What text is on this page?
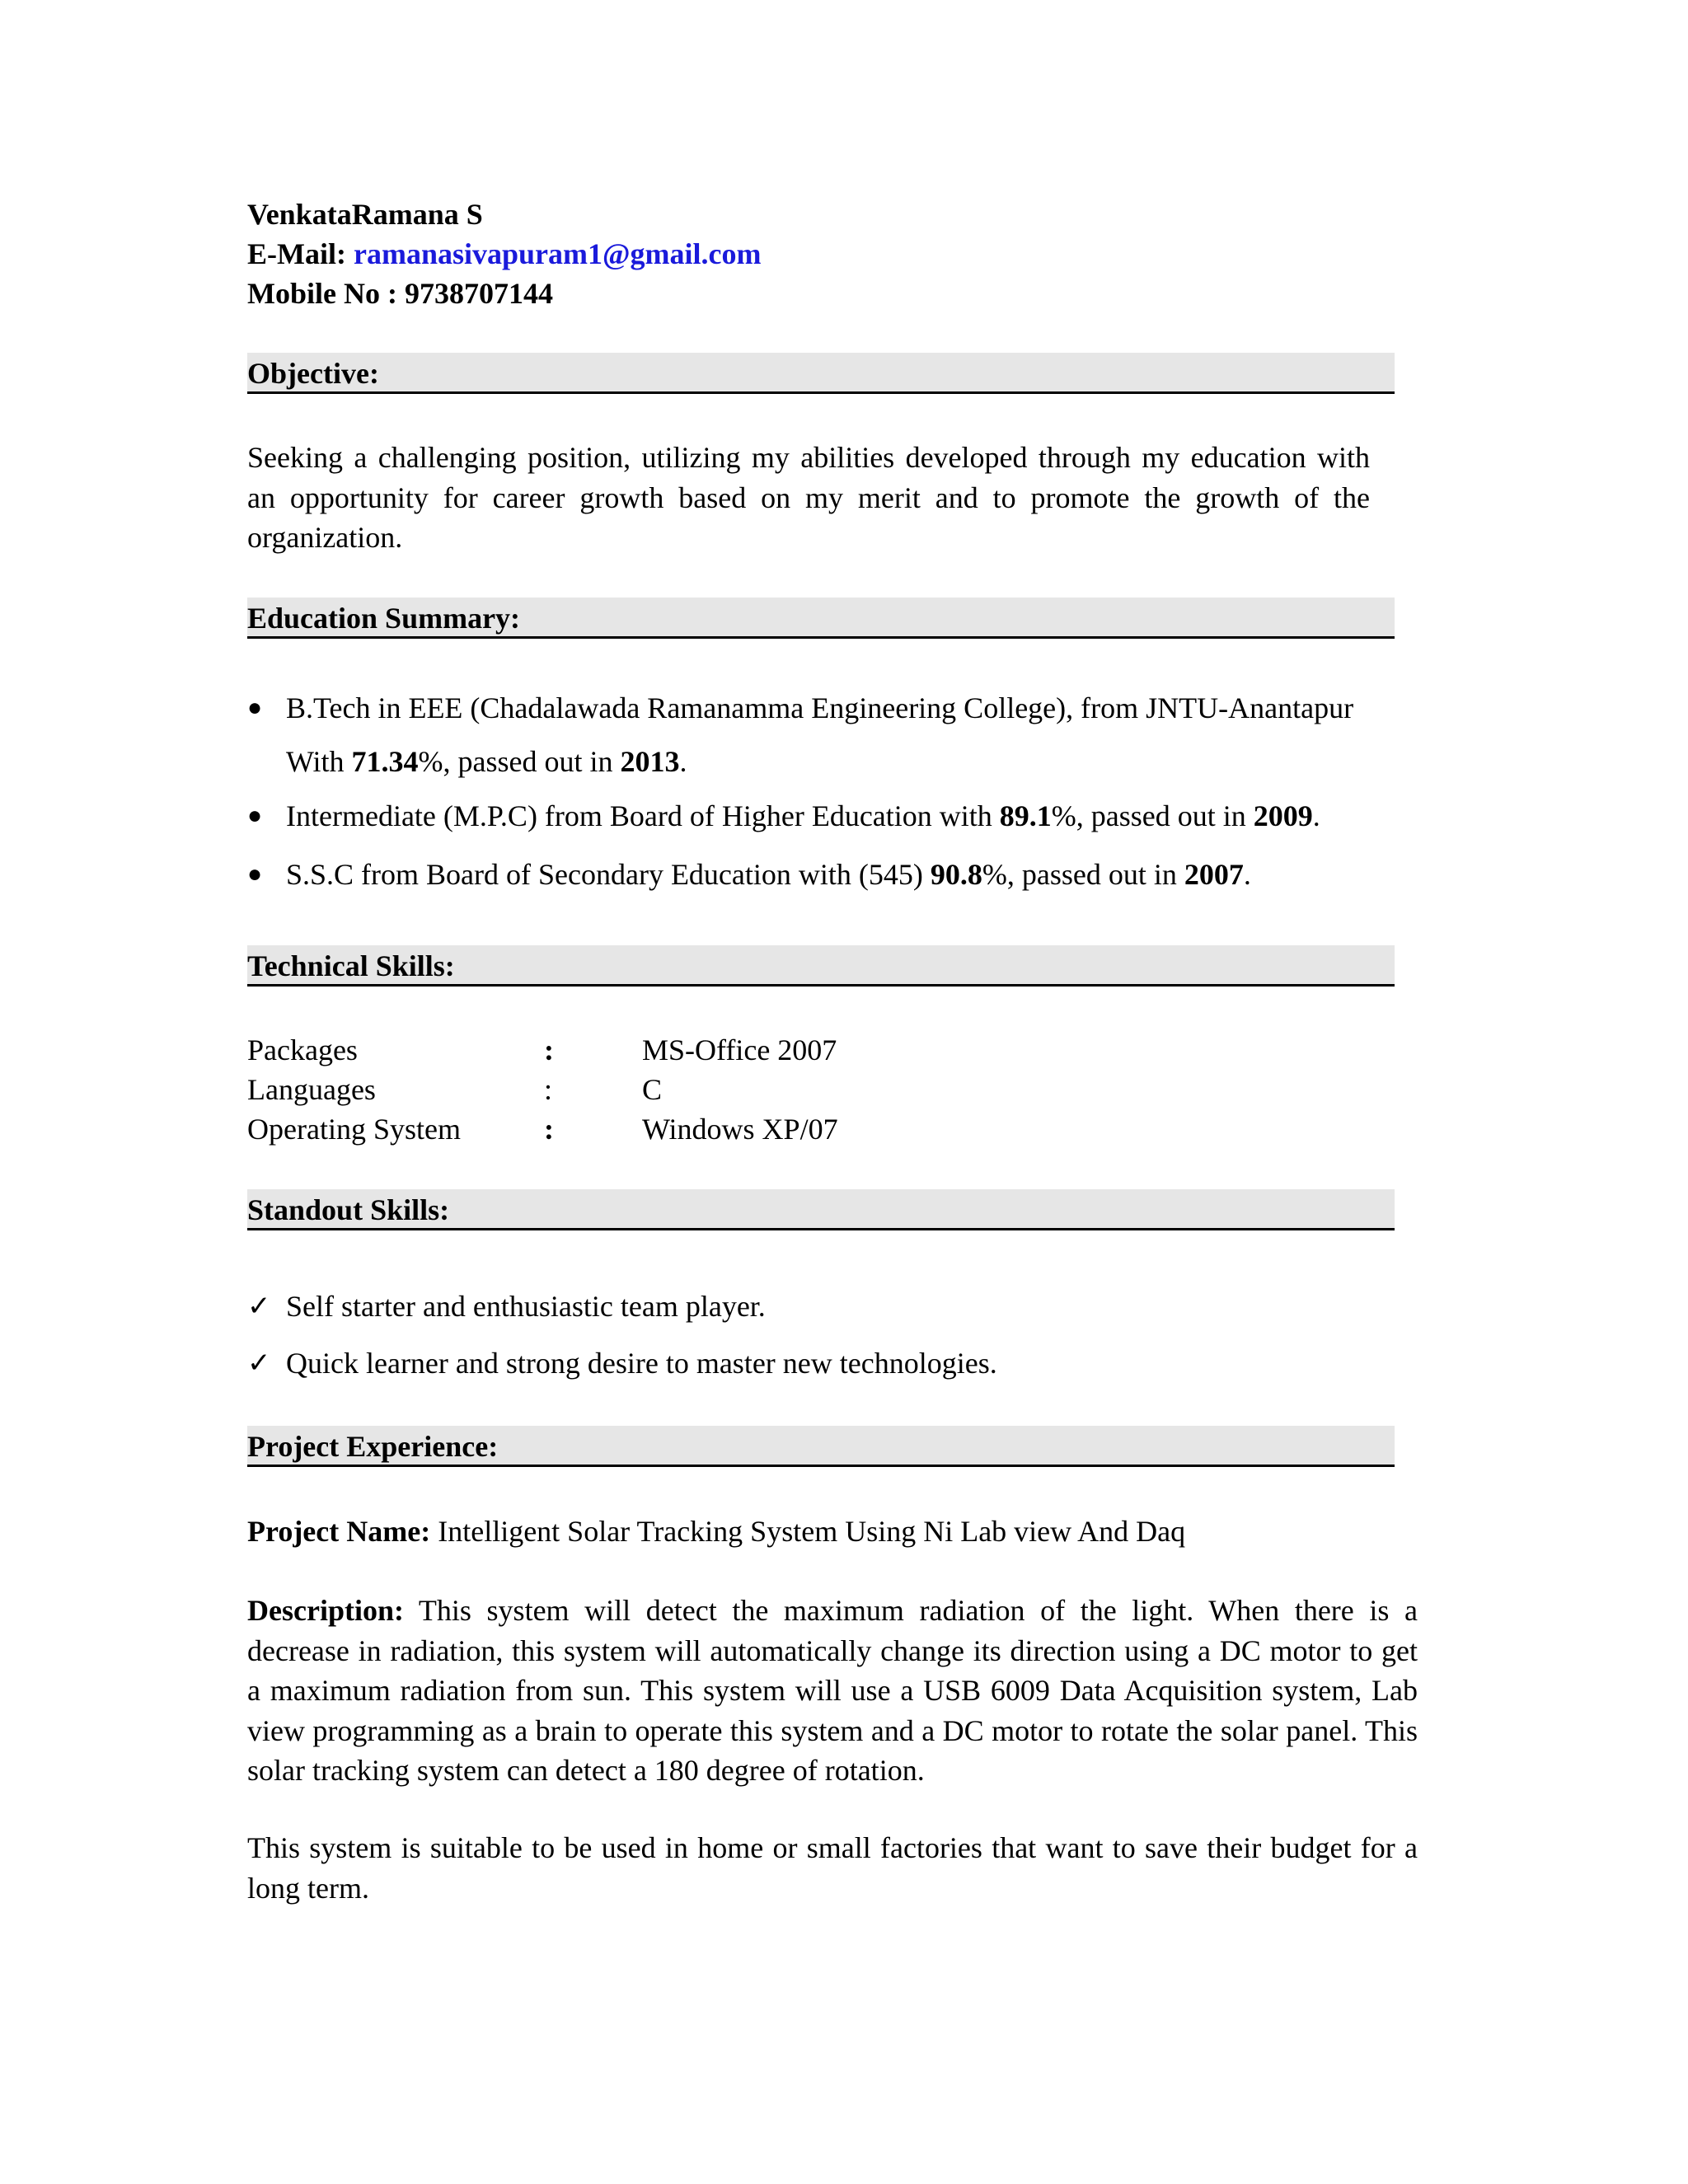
VenkataRamana S
E-Mail: ramanasivapuram1@gmail.com
Mobile No : 9738707144
Objective:
Seeking a challenging position, utilizing my abilities developed through my education with
an opportunity for career growth based on my merit and to promote the growth of the
organization.
Education Summary:
● B.Tech in EEE (Chadalawada Ramanamma Engineering College), from JNTU-Anantapur
With 71.34%, passed out in 2013.
● Intermediate (M.P.C) from Board of Higher Education with 89.1%, passed out in 2009.
● S.S.C from Board of Secondary Education with (545) 90.8%, passed out in 2007.
Technical Skills:
Packages	:	MS-Office 2007
Languages	:	C
Operating System	:	Windows XP/07
Standout Skills:
✓ Self starter and enthusiastic team player.
✓ Quick learner and strong desire to master new technologies.
Project Experience:
Project Name: Intelligent Solar Tracking System Using Ni Lab view And Daq
Description: This system will detect the maximum radiation of the light. When there is a
decrease in radiation, this system will automatically change its direction using a DC motor to get
a maximum radiation from sun. This system will use a USB 6009 Data Acquisition system, Lab
view programming as a brain to operate this system and a DC motor to rotate the solar panel. This
solar tracking system can detect a 180 degree of rotation.
This system is suitable to be used in home or small factories that want to save their budget for a
long term.
